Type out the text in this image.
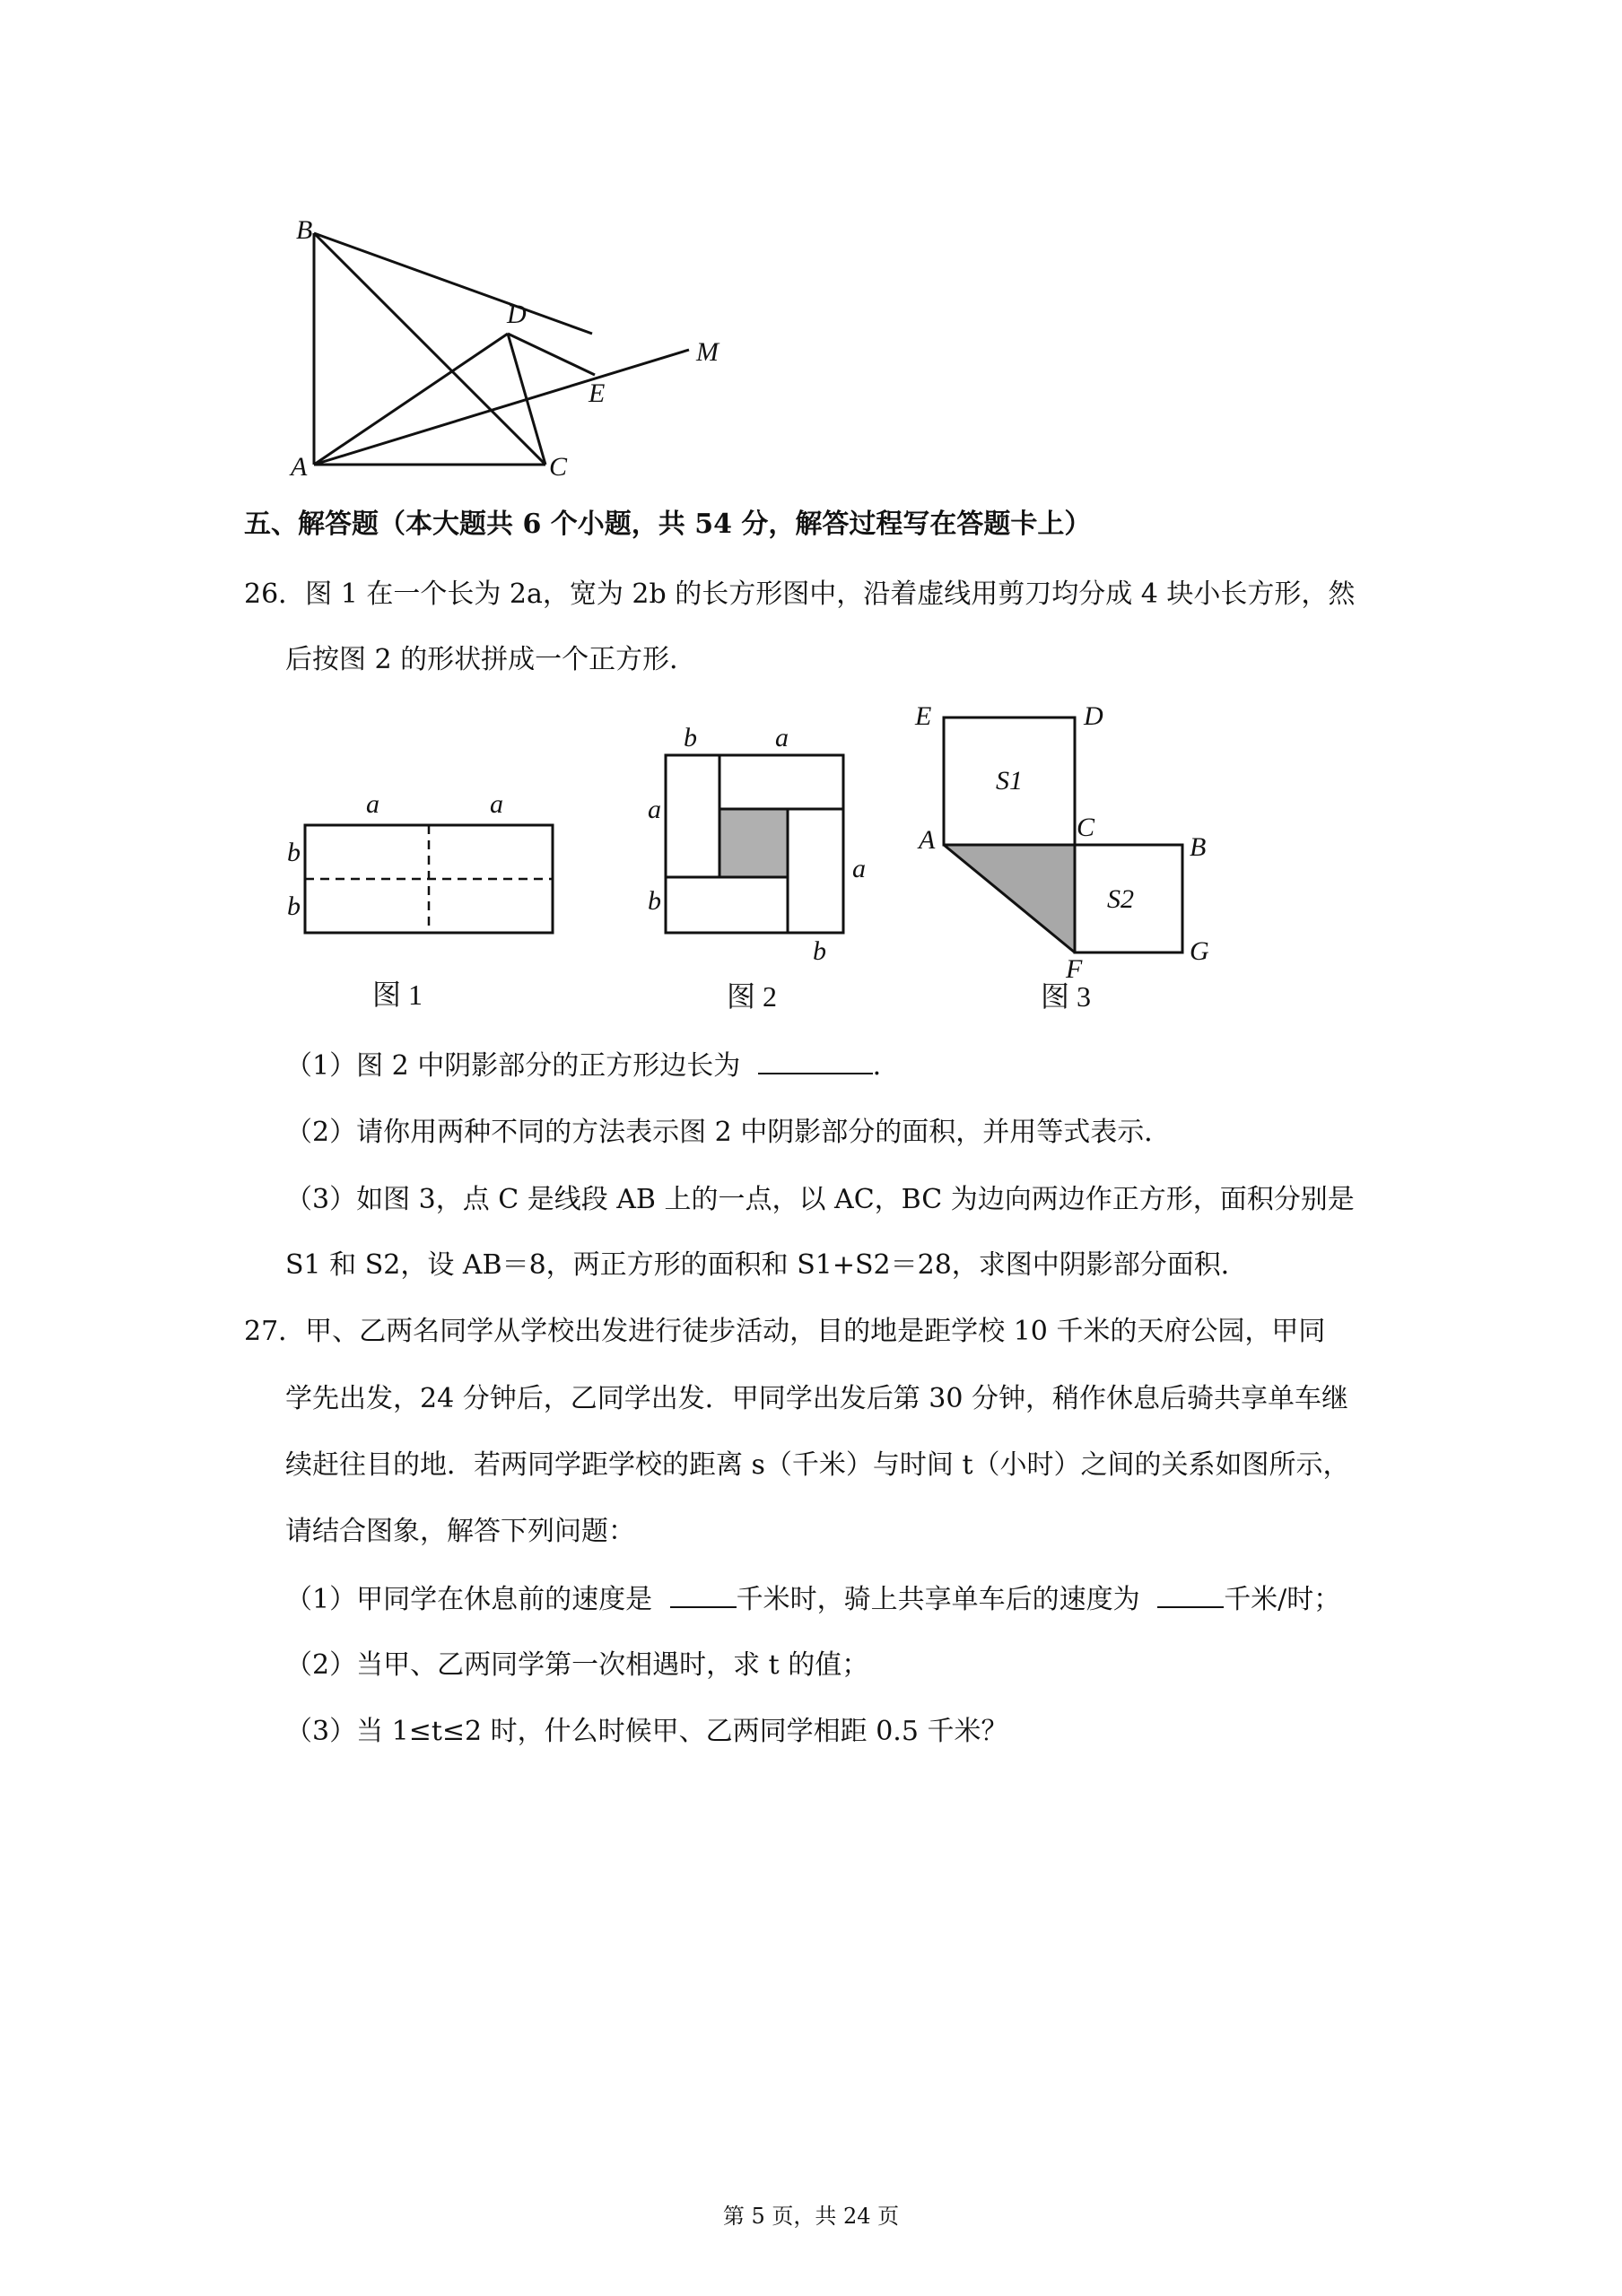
B
D
M
E
A	C
五、解答题（本大题共 6 个小题，共 54 分，解答过程写在答题卡上）
26．图 1 在一个长为 2a，宽为 2b 的长方形图中，沿着虚线用剪刀均分成 4 块小长方形，然
后按图 2 的形状拼成一个正方形．
a	a
b
b
图 1
b	a
a
a
b
b
图 2
E	D
S1
C
A	B
S2
G
F
图 3
（1）图 2 中阴影部分的正方形边长为	．
（2）请你用两种不同的方法表示图 2 中阴影部分的面积，并用等式表示．
（3）如图 3，点 C 是线段 AB 上的一点，以 AC，BC 为边向两边作正方形，面积分别是
S1 和 S2，设 AB＝8，两正方形的面积和 S1+S2＝28，求图中阴影部分面积．
27．甲、乙两名同学从学校出发进行徒步活动，目的地是距学校 10 千米的天府公园，甲同
学先出发，24 分钟后，乙同学出发．甲同学出发后第 30 分钟，稍作休息后骑共享单车继
续赶往目的地．若两同学距学校的距离 s（千米）与时间 t（小时）之间的关系如图所示，
请结合图象，解答下列问题：
（1）甲同学在休息前的速度是	千米时，骑上共享单车后的速度为	千米/时；
（2）当甲、乙两同学第一次相遇时，求 t 的值；
（3）当 1≤t≤2 时，什么时候甲、乙两同学相距 0.5 千米？
第 5 页，共 24 页
